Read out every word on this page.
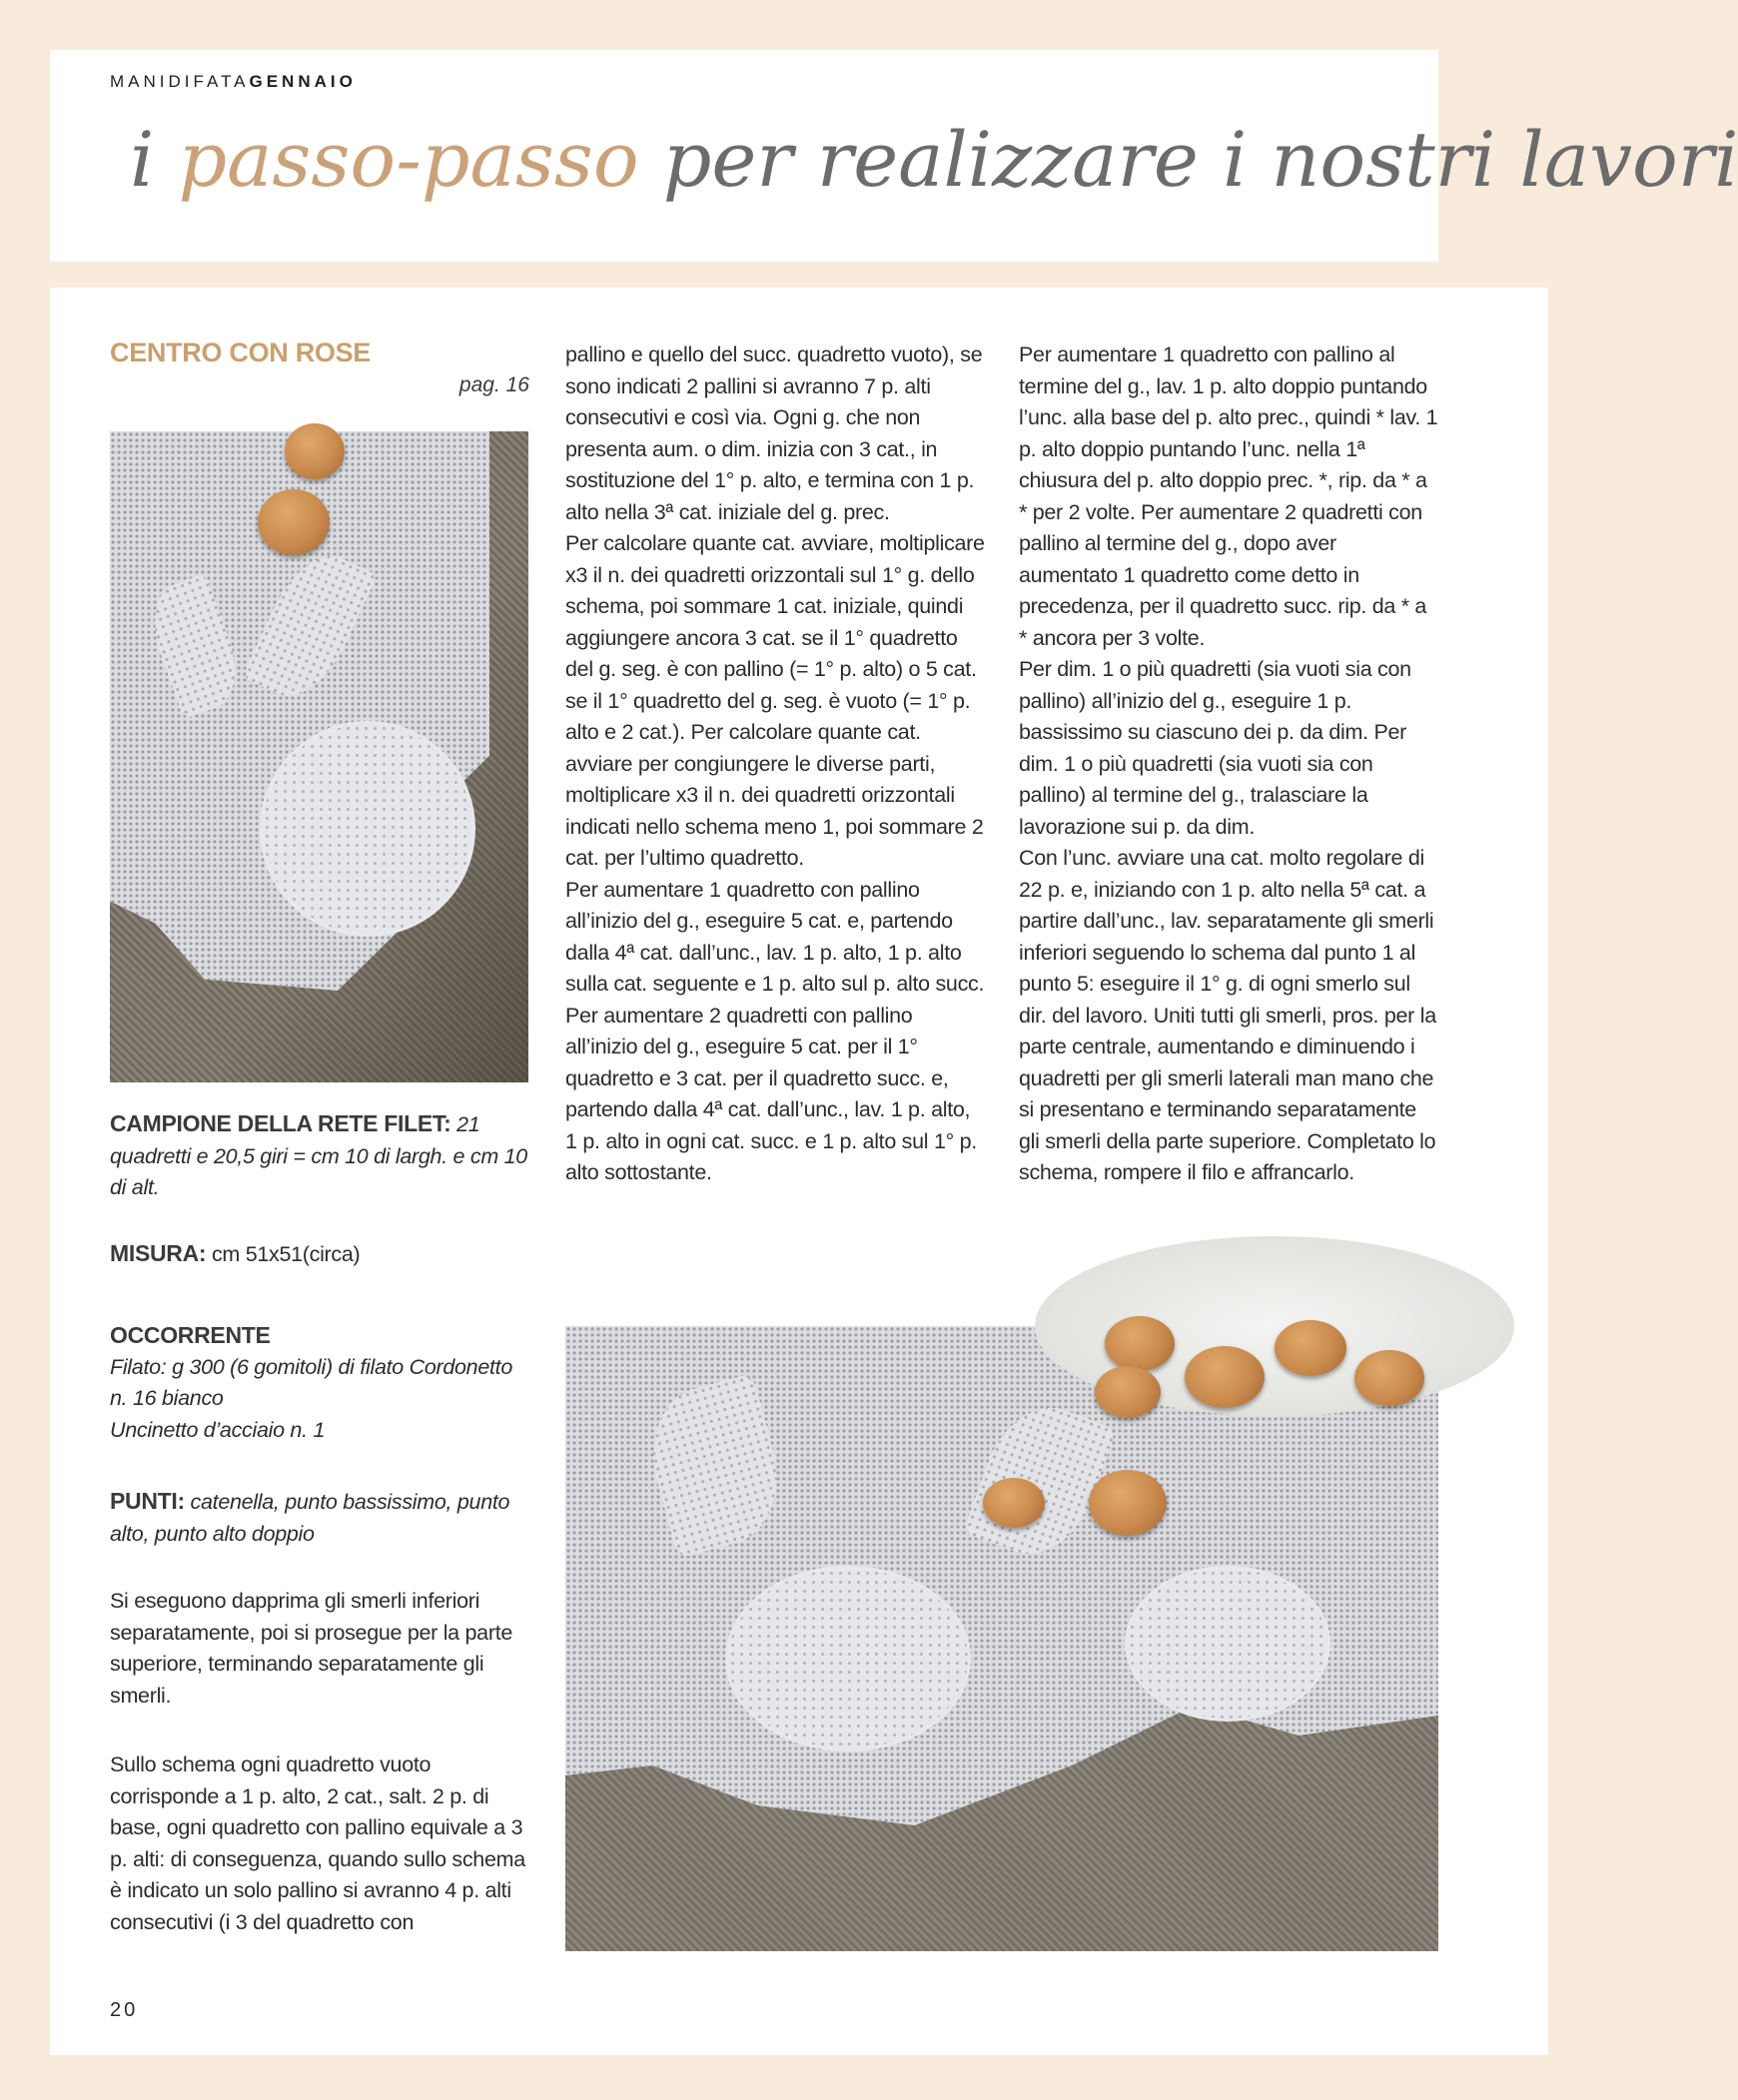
MANIDIFATAGENNAIO
i passo-passo per realizzare i nostri lavori
CENTRO CON ROSE
pag. 16

CAMPIONE DELLA RETE FILET: 21 quadretti e 20,5 giri = cm 10 di largh. e cm 10 di alt.

MISURA: cm 51x51(circa)

OCCORRENTE

Filato: g 300 (6 gomitoli) di filato Cordonetto

n. 16 bianco

Uncinetto d’acciaio n. 1

PUNTI: catenella, punto bassissimo, punto alto, punto alto doppio

Si eseguono dapprima gli smerli inferiori separatamente, poi si prosegue per la parte superiore, terminando separatamente gli smerli.

Sullo schema ogni quadretto vuoto corrisponde a 1 p. alto, 2 cat., salt. 2 p. di base, ogni quadretto con pallino equivale a 3 p. alti: di conseguenza, quando sullo schema è indicato un solo pallino si avranno 4 p. alti consecutivi (i 3 del quadretto con

pallino e quello del succ. quadretto vuoto), se sono indicati 2 pallini si avranno 7 p. alti consecutivi e così via. Ogni g. che non presenta aum. o dim. inizia con 3 cat., in sostituzione del 1° p. alto, e termina con 1 p. alto nella 3ª cat. iniziale del g. prec.

Per calcolare quante cat. avviare, moltiplicare x3 il n. dei quadretti orizzontali sul 1° g. dello schema, poi sommare 1 cat. iniziale, quindi aggiungere ancora 3 cat. se il 1° quadretto del g. seg. è con pallino (= 1° p. alto) o 5 cat. se il 1° quadretto del g. seg. è vuoto (= 1° p. alto e 2 cat.). Per calcolare quante cat. avviare per congiungere le diverse parti, moltiplicare x3 il n. dei quadretti orizzontali indicati nello schema meno 1, poi sommare 2 cat. per l’ultimo quadretto.

Per aumentare 1 quadretto con pallino all’inizio del g., eseguire 5 cat. e, partendo dalla 4ª cat. dall’unc., lav. 1 p. alto, 1 p. alto sulla cat. seguente e 1 p. alto sul p. alto succ. Per aumentare 2 quadretti con pallino all’inizio del g., eseguire 5 cat. per il 1° quadretto e 3 cat. per il quadretto succ. e, partendo dalla 4ª cat. dall’unc., lav. 1 p. alto, 1 p. alto in ogni cat. succ. e 1 p. alto sul 1° p. alto sottostante.

Per aumentare 1 quadretto con pallino al termine del g., lav. 1 p. alto doppio puntando l’unc. alla base del p. alto prec., quindi * lav. 1 p. alto doppio puntando l’unc. nella 1ª chiusura del p. alto doppio prec. *, rip. da * a * per 2 volte. Per aumentare 2 quadretti con pallino al termine del g., dopo aver aumentato 1 quadretto come detto in precedenza, per il quadretto succ. rip. da * a * ancora per 3 volte.

Per dim. 1 o più quadretti (sia vuoti sia con pallino) all’inizio del g., eseguire 1 p. bassissimo su ciascuno dei p. da dim. Per dim. 1 o più quadretti (sia vuoti sia con pallino) al termine del g., tralasciare la lavorazione sui p. da dim.

Con l’unc. avviare una cat. molto regolare di 22 p. e, iniziando con 1 p. alto nella 5ª cat. a partire dall’unc., lav. separatamente gli smerli inferiori seguendo lo schema dal punto 1 al punto 5: eseguire il 1° g. di ogni smerlo sul dir. del lavoro. Uniti tutti gli smerli, pros. per la parte centrale, aumentando e diminuendo i quadretti per gli smerli laterali man mano che si presentano e terminando separatamente gli smerli della parte superiore. Completato lo schema, rompere il filo e affrancarlo.

20
